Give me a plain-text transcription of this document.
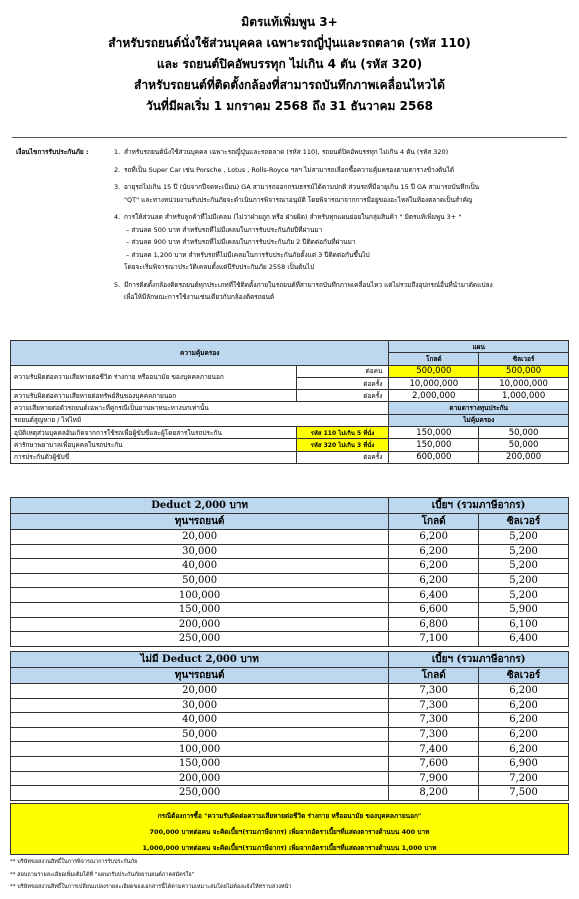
มิตรแท้เพิ่มพูน 3+
สำหรับรถยนต์นั่งใช้ส่วนบุคคล เฉพาะรถญี่ปุ่นและรถตลาด (รหัส 110)
และ รถยนต์ปิคอัพบรรทุก ไม่เกิน 4 ตัน (รหัส 320)
สำหรับรถยนต์ที่ติดตั้งกล้องที่สามารถบันทึกภาพเคลื่อนไหวได้
วันที่มีผลเริ่ม 1 มกราคม 2568 ถึง 31 ธันวาคม 2568
เงื่อนไขการรับประกันภัย :	1. สำหรับรถยนต์นั่งใช้ส่วนบุคคล เฉพาะรถญี่ปุ่นและรถตลาด (รหัส 110), รถยนต์ปิคอัพบรรทุก ไม่เกิน 4 ตัน (รหัส 320)
2. รถที่เป็น Super Car เช่น Porsche , Lotus , Rolls-Royce ฯลฯ ไม่สามารถเลือกซื้อความคุ้มครองตามตารางข้างต้นได้
3. อายุรถไม่เกิน 15 ปี (นับจากปีจดทะเบียน) GA สามารถออกกรมธรรม์ได้ตามปกติ ส่วนรถที่มีอายุเกิน 15 ปี GA สามารถบันทึกเป็น
"QT" และทางหน่วยงานรับประกันภัยจะดำเนินการพิจารณาอนุมัติ โดยพิจารณาจากการมีอยู่ของอะไหล่ในท้องตลาดเป็นสำคัญ
4. การให้ส่วนลด สำหรับลูกค้าที่ไม่มีเคลม (ไม่ว่าฝ่ายถูก หรือ ฝ่ายผิด) สำหรับทุกแผนย่อยในกลุ่มสินค้า " มิตรแท้เพิ่มพูน 3+ "
– ส่วนลด 500 บาท สำหรับรถที่ไม่มีเคลมในการรับประกันภัยปีที่ผ่านมา
– ส่วนลด 900 บาท สำหรับรถที่ไม่มีเคลมในการรับประกันภัย 2 ปีติดต่อกันที่ผ่านมา
– ส่วนลด 1,200 บาท สำหรับรถที่ไม่มีเคลมในการรับประกันภัยตั้งแต่ 3 ปีติดต่อกันขึ้นไป
โดยจะเริ่มพิจารณาประวัติเคลมตั้งแต่ปีรับประกันภัย 2558 เป็นต้นไป
5. มีการติดตั้งกล้องติดรถยนต์ทุกประเภทที่ใช้ติดตั้งภายในรถยนต์ที่สามารถบันทึกภาพเคลื่อนไหว แต่ไม่รวมถึงอุปกรณ์อื่นที่นำมาดัดแปลง
เพื่อให้มีลักษณะการใช้งานเช่นเดียวกับกล้องติดรถยนต์
ความคุ้มครอง		แผน	
		โกลด์	ซิลเวอร์
ความรับผิดต่อความเสียหายต่อชีวิต ร่างกาย หรืออนามัย ของบุคคลภายนอก	ต่อคน	500,000	500,000
	ต่อครั้ง	10,000,000	10,000,000
ความรับผิดต่อความเสียหายต่อทรัพย์สินของบุคคลภายนอก	ต่อครั้ง	2,000,000	1,000,000
ความเสียหายต่อตัวรถยนต์เฉพาะที่คู่กรณีเป็นยานพาหนะทางบกเท่านั้น		ตามตารางทุนประกัน	
รถยนต์สูญหาย / ไฟไหม้		ไม่คุ้มครอง	
อุบัติเหตุส่วนบุคคลอันเกิดจากการใช้รถเพื่อผู้ขับขี่และผู้โดยสารในรถประกัน	รหัส 110 ไม่เกิน 5 ที่นั่ง	150,000	50,000
ค่ารักษาพยาบาลเพื่อบุคคลในรถประกัน	รหัส 320 ไม่เกิน 3 ที่นั่ง	150,000	50,000
การประกันตัวผู้ขับขี่	ต่อครั้ง	600,000	200,000
Deduct 2,000 บาท	เบี้ยฯ (รวมภาษีอากร)	
ทุนฯรถยนต์	โกลด์	ซิลเวอร์
20,000	6,200	5,200
30,000	6,200	5,200
40,000	6,200	5,200
50,000	6,200	5,200
100,000	6,400	5,200
150,000	6,600	5,900
200,000	6,800	6,100
250,000	7,100	6,400
ไม่มี Deduct 2,000 บาท	เบี้ยฯ (รวมภาษีอากร)	
ทุนฯรถยนต์	โกลด์	ซิลเวอร์
20,000	7,300	6,200
30,000	7,300	6,200
40,000	7,300	6,200
50,000	7,300	6,200
100,000	7,400	6,200
150,000	7,600	6,900
200,000	7,900	7,200
250,000	8,200	7,500
กรณีต้องการซื้อ "ความรับผิดต่อความเสียหายต่อชีวิต ร่างกาย หรืออนามัย ของบุคคลภายนอก"
700,000 บาทต่อคน จะคิดเบี้ยฯ(รวมภาษีอากร) เพิ่มจากอัตราเบี้ยฯที่แสดงตารางด้านบน 400 บาท
1,000,000 บาทต่อคน จะคิดเบี้ยฯ(รวมภาษีอากร) เพิ่มจากอัตราเบี้ยฯที่แสดงตารางด้านบน 1,000 บาท
** บริษัทขอสงวนสิทธิ์ในการพิจารณาการรับประกันภัย
** สอบถามรายละเอียดเพิ่มเติมได้ที่ "แผนกรับประกันภัยยานยนต์ภาคสมัครใจ"
** บริษัทขอสงวนสิทธิ์ในการเปลี่ยนแปลงรายละเอียดของเอกสารนี้ได้ตามความเหมาะสมโดยไม่ต้องแจ้งให้ทราบล่วงหน้า
